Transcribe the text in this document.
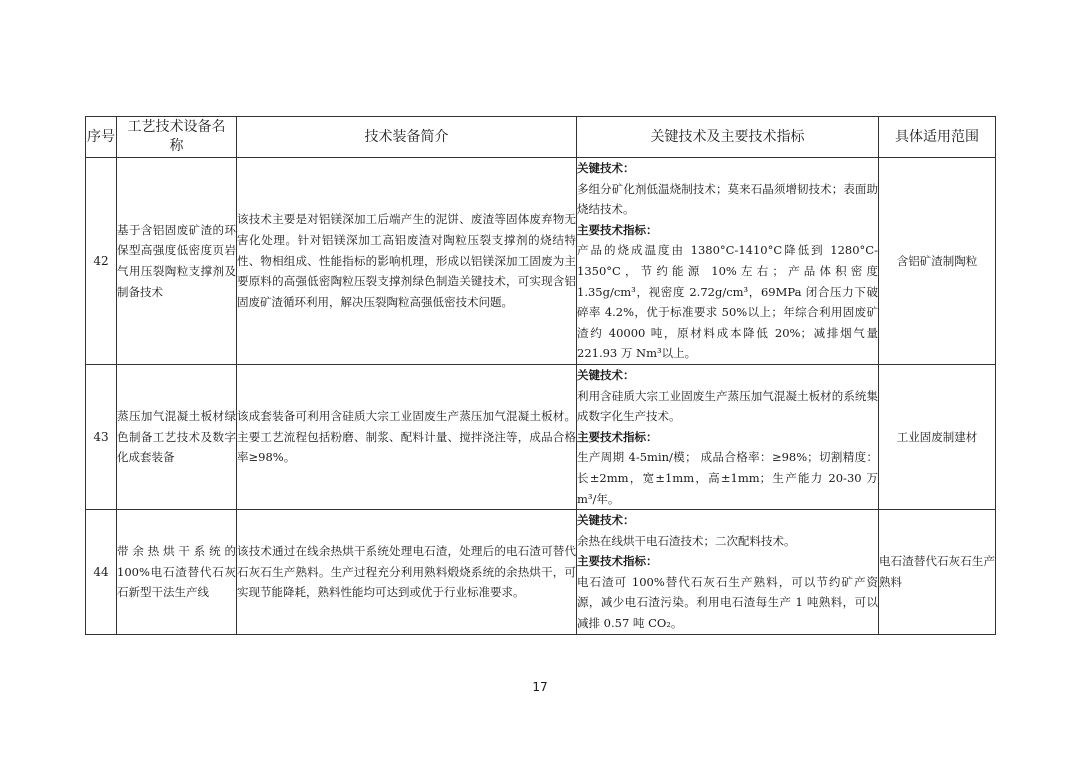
序号	工艺技术设备名称	技术装备简介	关键技术及主要技术指标	具体适用范围
42	基于含铝固废矿渣的环保型高强度低密度页岩气用压裂陶粒支撑剂及制备技术	该技术主要是对铝镁深加工后端产生的泥饼、废渣等固体废弃物无害化处理。针对铝镁深加工高铝废渣对陶粒压裂支撑剂的烧结特性、物相组成、性能指标的影响机理，形成以铝镁深加工固废为主要原料的高强低密陶粒压裂支撑剂绿色制造关键技术，可实现含铝固废矿渣循环利用，解决压裂陶粒高强低密技术问题。	关键技术：
多组分矿化剂低温烧制技术；莫来石晶须增韧技术；表面助烧结技术。
主要技术指标：
产品的烧成温度由 1380°C-1410°C降低到 1280°C-1350°C，节约能源 10%左右；产品体积密度 1.35g/cm³，视密度 2.72g/cm³，69MPa 闭合压力下破碎率 4.2%，优于标准要求 50%以上；年综合利用固废矿渣约 40000 吨，原材料成本降低 20%；减排烟气量 221.93 万 Nm³以上。	含铝矿渣制陶粒
43	蒸压加气混凝土板材绿色制备工艺技术及数字化成套装备	该成套装备可利用含硅质大宗工业固废生产蒸压加气混凝土板材。主要工艺流程包括粉磨、制浆、配料计量、搅拌浇注等，成品合格率≥98%。	关键技术：
利用含硅质大宗工业固废生产蒸压加气混凝土板材的系统集成数字化生产技术。
主要技术指标：
生产周期 4-5min/模； 成品合格率：≥98%；切割精度：长±2mm，宽±1mm，高±1mm；生产能力 20-30 万 m³/年。	工业固废制建材
44	带余热烘干系统的 100%电石渣替代石灰石新型干法生产线	该技术通过在线余热烘干系统处理电石渣，处理后的电石渣可替代石灰石生产熟料。生产过程充分利用熟料煅烧系统的余热烘干，可实现节能降耗，熟料性能均可达到或优于行业标准要求。	关键技术：
余热在线烘干电石渣技术；二次配料技术。
主要技术指标：
电石渣可 100%替代石灰石生产熟料，可以节约矿产资源，减少电石渣污染。利用电石渣每生产 1 吨熟料，可以减排 0.57 吨 CO₂。	电石渣替代石灰石生产熟料
17
